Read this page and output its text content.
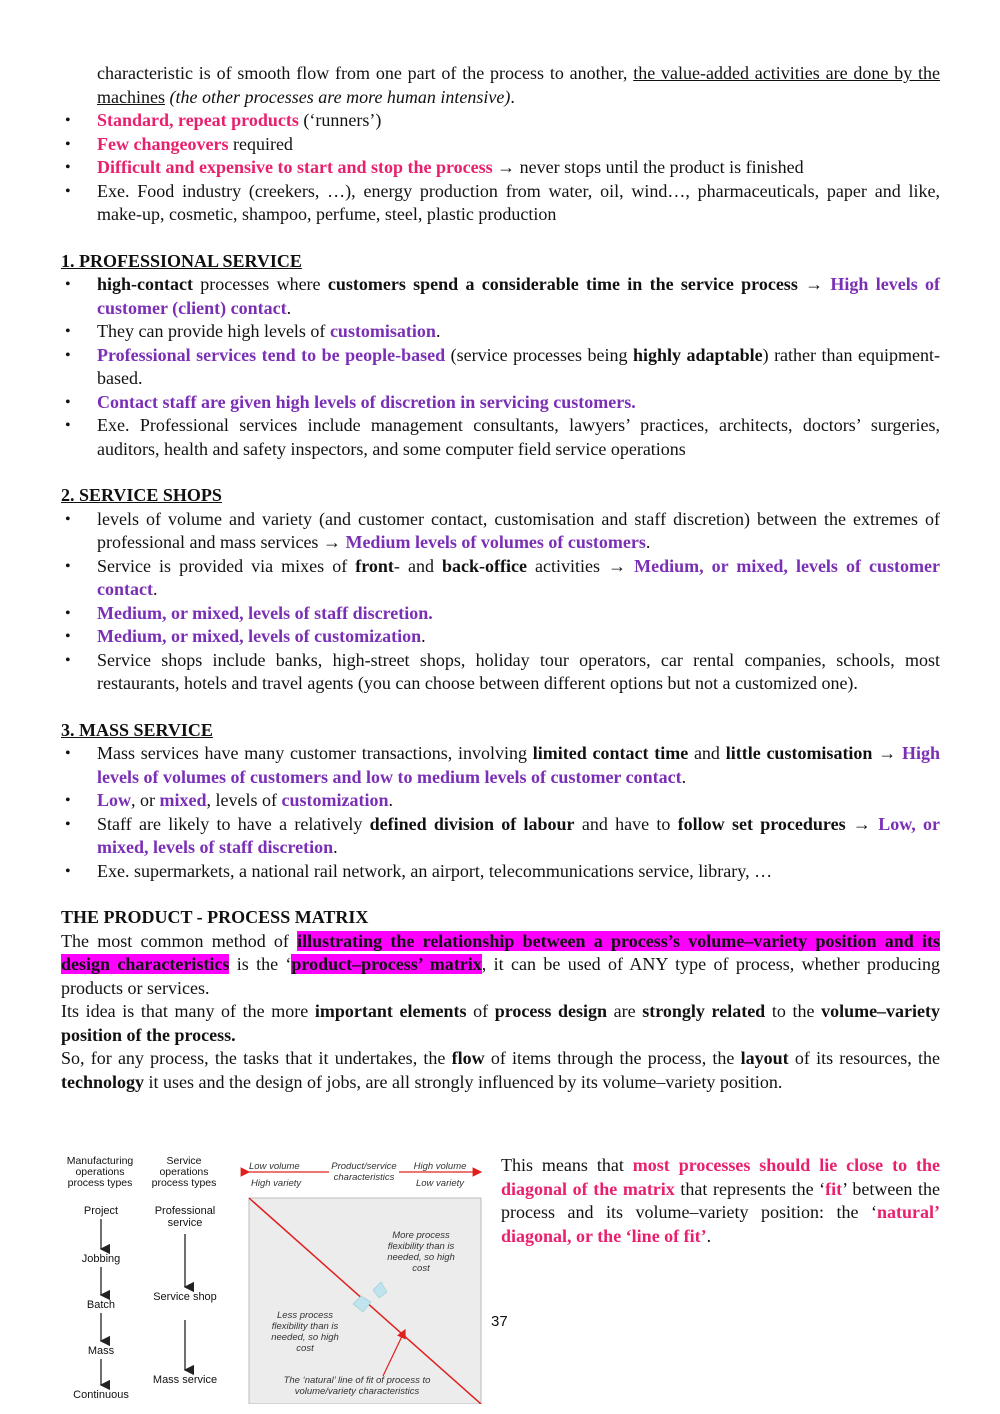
characteristic is of smooth flow from one part of the process to another, the value-added activities are done by the machines (the other processes are more human intensive).

• Standard, repeat products (‘runners’)
• Few changeovers required
• Difficult and expensive to start and stop the process → never stops until the product is finished
• Exe. Food industry (creekers, …), energy production from water, oil, wind…, pharmaceuticals, paper and like, make-up, cosmetic, shampoo, perfume, steel, plastic production
1. PROFESSIONAL SERVICE
• high-contact processes where customers spend a considerable time in the service process → High levels of customer (client) contact.
• They can provide high levels of customisation.
• Professional services tend to be people-based (service processes being highly adaptable) rather than equipment-based.
• Contact staff are given high levels of discretion in servicing customers.
• Exe. Professional services include management consultants, lawyers’ practices, architects, doctors’ surgeries, auditors, health and safety inspectors, and some computer field service operations
2. SERVICE SHOPS
• levels of volume and variety (and customer contact, customisation and staff discretion) between the extremes of professional and mass services → Medium levels of volumes of customers.
• Service is provided via mixes of front- and back-office activities → Medium, or mixed, levels of customer contact.
• Medium, or mixed, levels of staff discretion.
• Medium, or mixed, levels of customization.
• Service shops include banks, high-street shops, holiday tour operators, car rental companies, schools, most restaurants, hotels and travel agents (you can choose between different options but not a customized one).
3. MASS SERVICE
• Mass services have many customer transactions, involving limited contact time and little customisation → High levels of volumes of customers and low to medium levels of customer contact.
• Low, or mixed, levels of customization.
• Staff are likely to have a relatively defined division of labour and have to follow set procedures → Low, or mixed, levels of staff discretion.
• Exe. supermarkets, a national rail network, an airport, telecommunications service, library, …
THE PRODUCT - PROCESS MATRIX

The most common method of illustrating the relationship between a process’s volume–variety position and its design characteristics is the ‘product–process’ matrix, it can be used of ANY type of process, whether producing products or services.

Its idea is that many of the more important elements of process design are strongly related to the volume–variety position of the process.

So, for any process, the tasks that it undertakes, the flow of items through the process, the layout of its resources, the technology it uses and the design of jobs, are all strongly influenced by its volume–variety position.

Manufacturing operations process types
Service operations process types
Project
Jobbing
Batch
Mass
Continuous
Professional service
Service shop
Mass service
Low volume
High variety
Product/service characteristics
High volume
Low variety
More process flexibility than is needed, so high cost
Less process flexibility than is needed, so high cost
The ‘natural’ line of fit of process to volume/variety characteristics
This means that most processes should lie close to the diagonal of the matrix that represents the ‘fit’ between the process and its volume–variety position: the ‘natural’ diagonal, or the ‘line of fit’.
37
